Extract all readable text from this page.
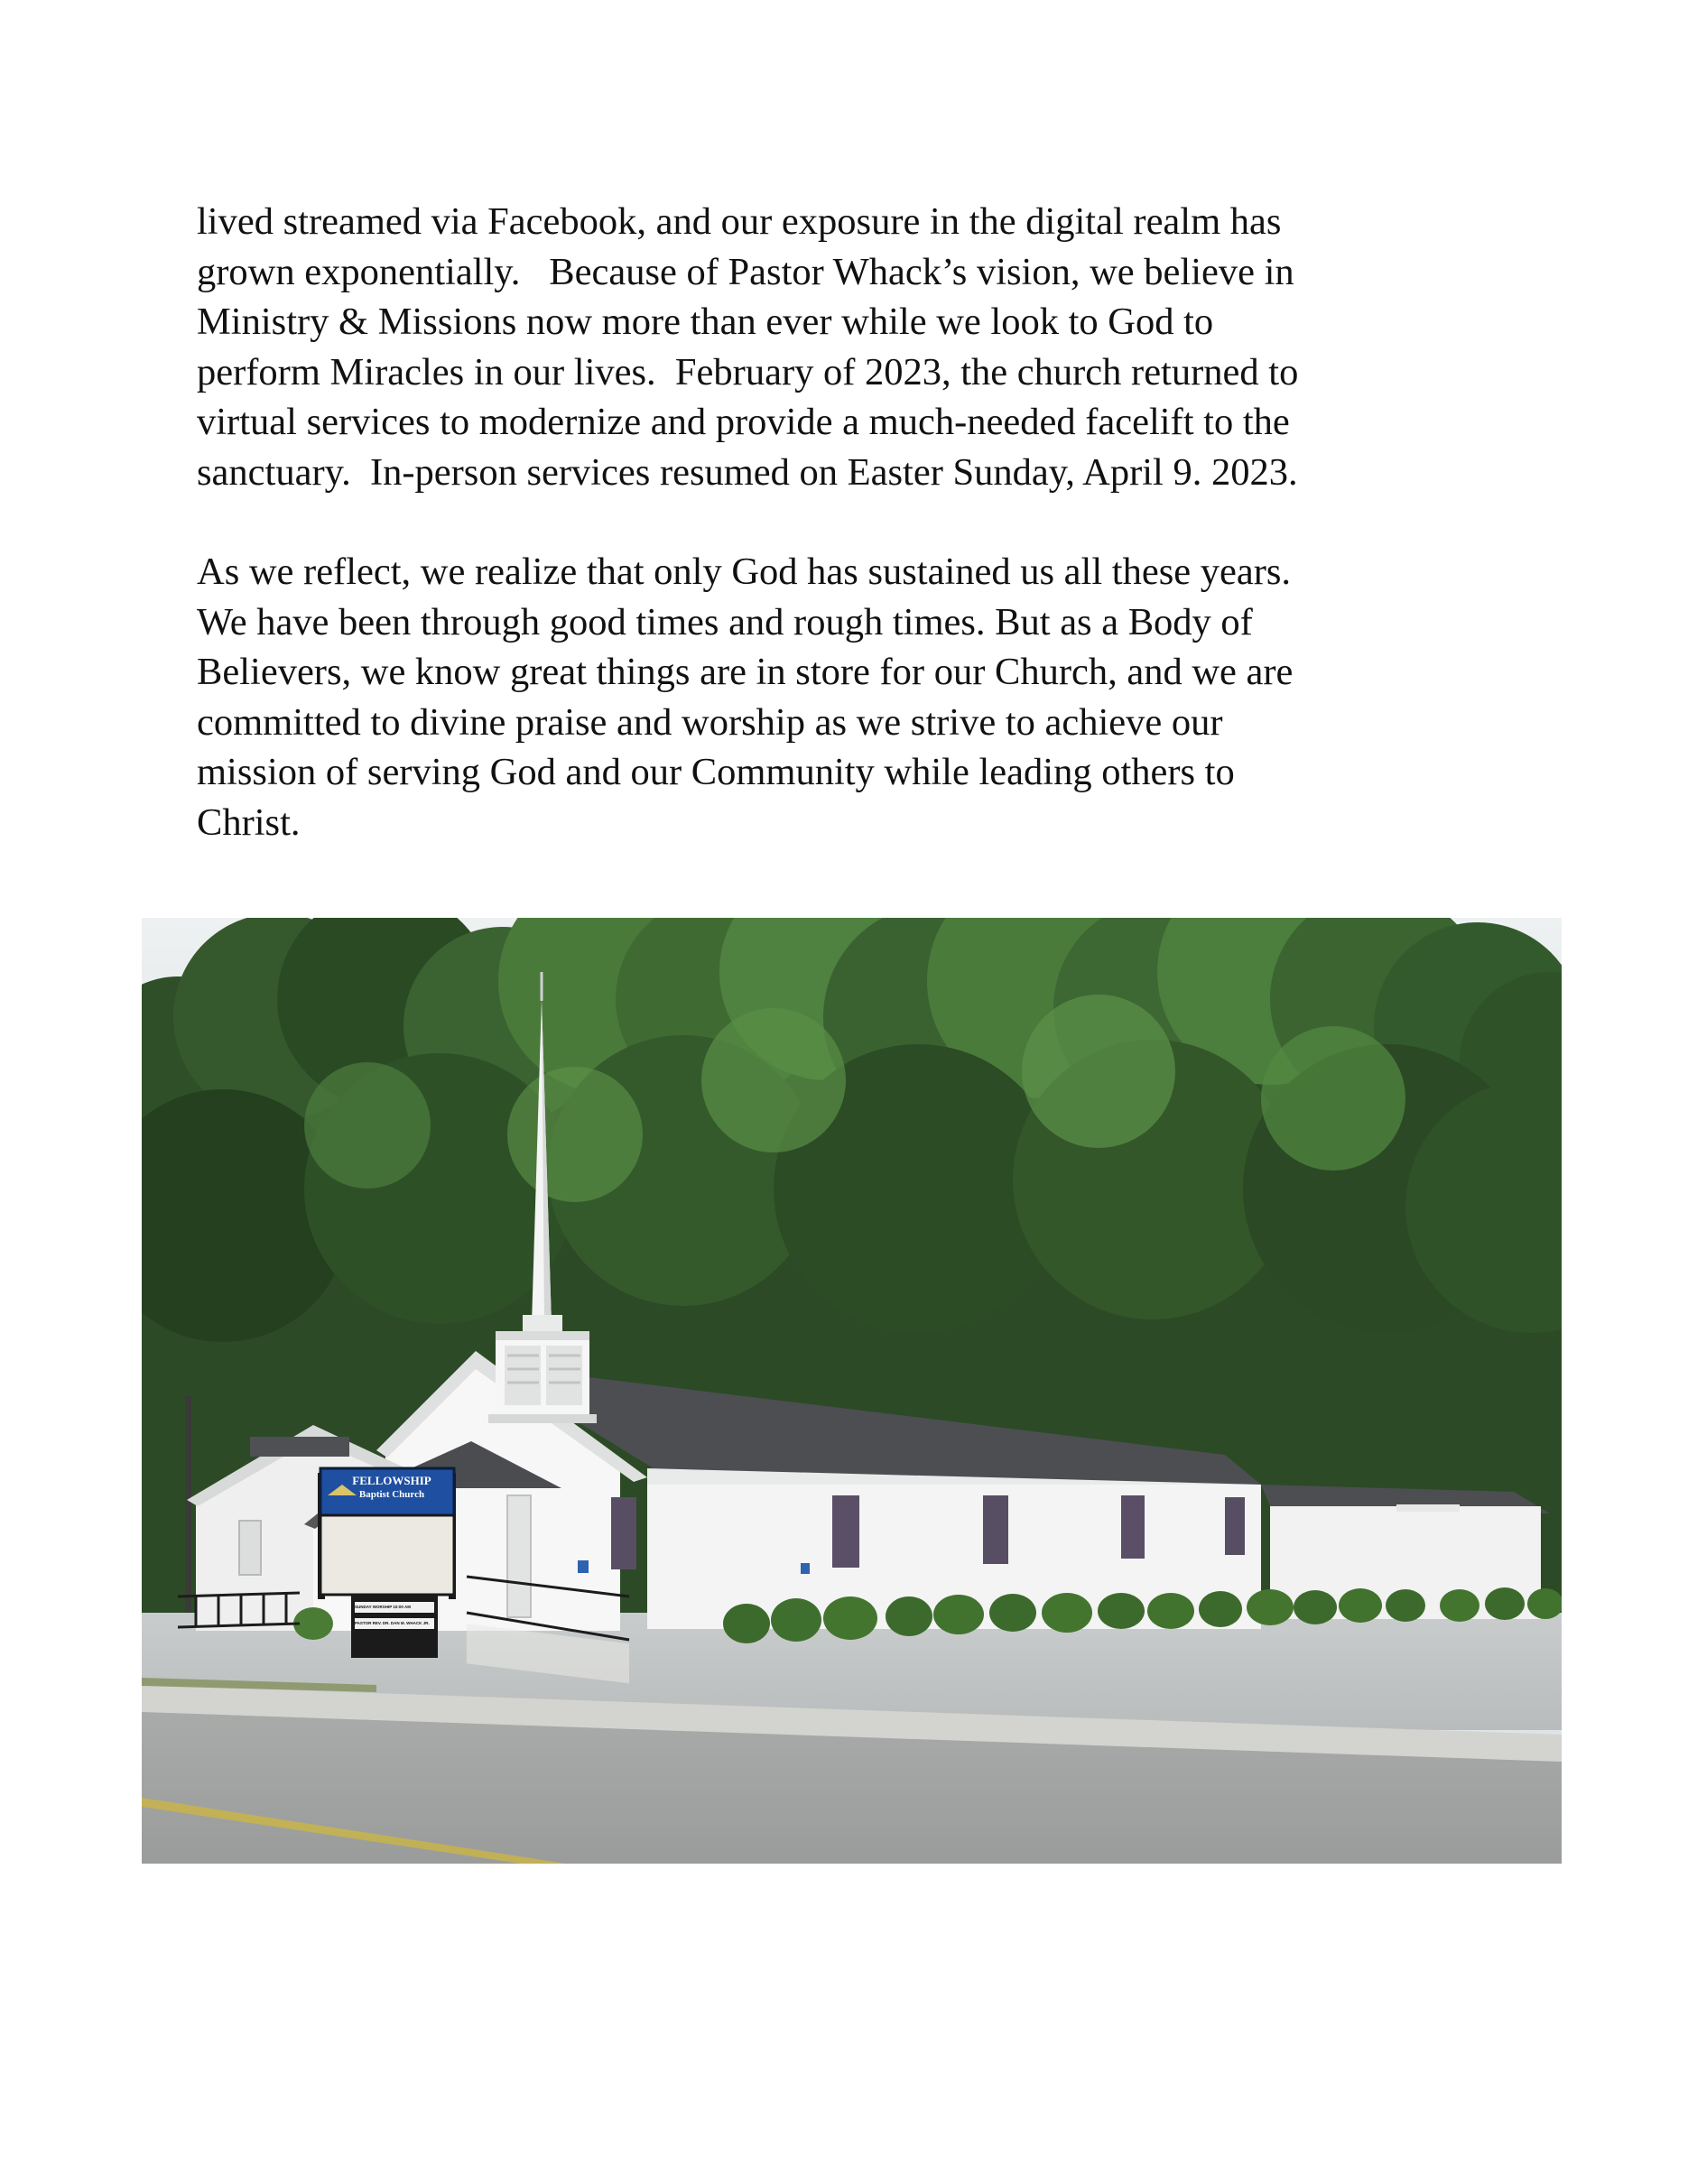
lived streamed via Facebook, and our exposure in the digital realm has
grown exponentially.   Because of Pastor Whack’s vision, we believe in
Ministry & Missions now more than ever while we look to God to
perform Miracles in our lives.  February of 2023, the church returned to
virtual services to modernize and provide a much-needed facelift to the
sanctuary.  In-person services resumed on Easter Sunday, April 9. 2023.

As we reflect, we realize that only God has sustained us all these years.
We have been through good times and rough times. But as a Body of
Believers, we know great things are in store for our Church, and we are
committed to divine praise and worship as we strive to achieve our
mission of serving God and our Community while leading others to
Christ.

FELLOWSHIP
Baptist Church
SUNDAY WORSHIP 10:00 AM
PASTOR REV. DR. DAN M. WHACK JR.
